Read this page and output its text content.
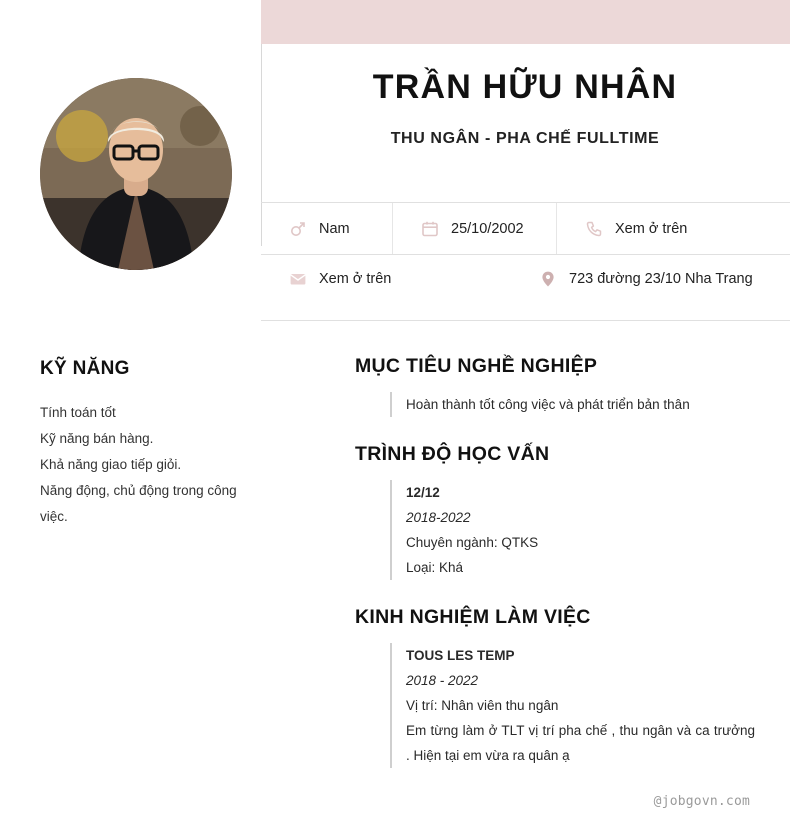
TRẦN HỮU NHÂN
THU NGÂN - PHA CHẾ FULLTIME
Nam	25/10/2002	Xem ở trên
Xem ở trên	723 đường 23/10 Nha Trang
KỸ NĂNG
Tính toán tốt
Kỹ năng bán hàng.
Khả năng giao tiếp giỏi.
Năng động, chủ động trong công việc.
MỤC TIÊU NGHỀ NGHIỆP

Hoàn thành tốt công việc và phát triển bản thân

TRÌNH ĐỘ HỌC VẤN

12/12

2018-2022

Chuyên ngành: QTKS

Loại: Khá

KINH NGHIỆM LÀM VIỆC

TOUS LES TEMP

2018 - 2022

Vị trí: Nhân viên thu ngân

Em từng làm ở TLT vị trí pha chế , thu ngân và ca trưởng . Hiện tại em vừa ra quân ạ

@jobgovn.com
